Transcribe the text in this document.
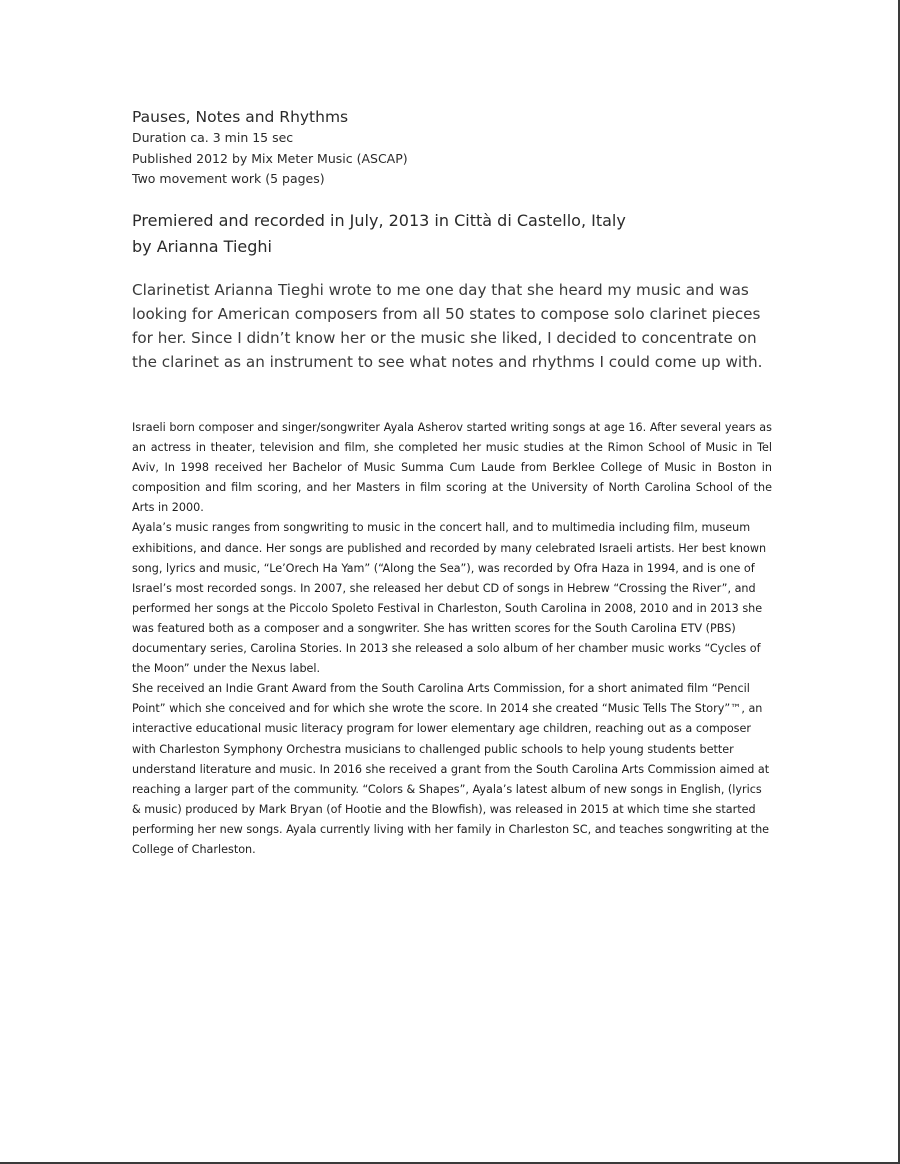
Pauses, Notes and Rhythms

Duration ca. 3 min 15 sec

Published 2012 by Mix Meter Music (ASCAP)

Two movement work (5 pages)

Premiered and recorded in July, 2013 in Città di Castello, Italy
by Arianna Tieghi

Clarinetist Arianna Tieghi wrote to me one day that she heard my music and was looking for American composers from all 50 states to compose solo clarinet pieces for her. Since I didn’t know her or the music she liked, I decided to concentrate on the clarinet as an instrument to see what notes and rhythms I could come up with.

Israeli born composer and singer/songwriter Ayala Asherov started writing songs at age 16. After several years as an actress in theater, television and film, she completed her music studies at the Rimon School of Music in Tel Aviv, In 1998 received her Bachelor of Music Summa Cum Laude from Berklee College of Music in Boston in composition and film scoring, and her Masters in film scoring at the University of North Carolina School of the Arts in 2000.

Ayala’s music ranges from songwriting to music in the concert hall, and to multimedia including film, museum exhibitions, and dance. Her songs are published and recorded by many celebrated Israeli artists. Her best known song, lyrics and music, “Le’Orech Ha Yam” (“Along the Sea”), was recorded by Ofra Haza in 1994, and is one of Israel’s most recorded songs. In 2007, she released her debut CD of songs in Hebrew “Crossing the River”, and performed her songs at the Piccolo Spoleto Festival in Charleston, South Carolina in 2008, 2010 and in 2013 she was featured both as a composer and a songwriter. She has written scores for the South Carolina ETV (PBS) documentary series, Carolina Stories. In 2013 she released a solo album of her chamber music works “Cycles of the Moon” under the Nexus label.

She received an Indie Grant Award from the South Carolina Arts Commission, for a short animated film “Pencil Point” which she conceived and for which she wrote the score. In 2014 she created “Music Tells The Story”™, an interactive educational music literacy program for lower elementary age children, reaching out as a composer with Charleston Symphony Orchestra musicians to challenged public schools to help young students better understand literature and music. In 2016 she received a grant from the South Carolina Arts Commission aimed at reaching a larger part of the community. “Colors & Shapes”, Ayala’s latest album of new songs in English, (lyrics & music) produced by Mark Bryan (of Hootie and the Blowfish), was released in 2015 at which time she started performing her new songs. Ayala currently living with her family in Charleston SC, and teaches songwriting at the College of Charleston.
